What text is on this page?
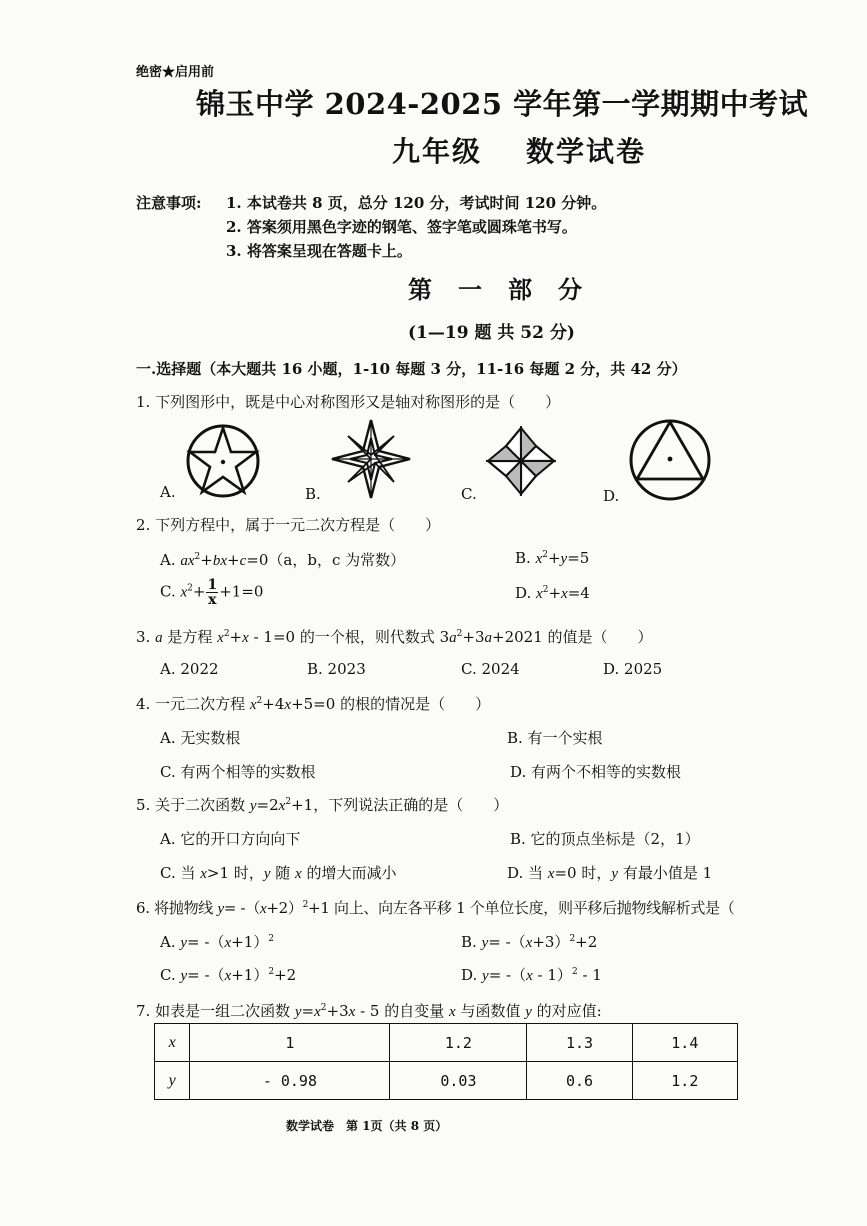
绝密★启用前
锦玉中学 2024-2025 学年第一学期期中考试
九年级 数学试卷
注意事项: 1. 本试卷共 8 页，总分 120 分，考试时间 120 分钟。
2. 答案须用黑色字迹的钢笔、签字笔或圆珠笔书写。
3. 将答案呈现在答题卡上。
第 一 部 分
(1—19 题 共 52 分)
一.选择题（本大题共 16 小题，1-10 每题 3 分，11-16 每题 2 分，共 42 分）
1. 下列图形中，既是中心对称图形又是轴对称图形的是（　　）
A.	B.	C.	D.
2. 下列方程中，属于一元二次方程是（　　）
A. $ax^2+bx+c=0(a$，b，c 为常数）	B. $x^2+y=5$
C. $x^2+ \frac{1}{x} +1=0$	D. $x^2+x=4$
3. a 是方程 $x^2+x - 1=0$ 的一个根，则代数式 $3a^2+3a+2021$ 的值是（　　）
A. 2022	B. 2023	C. 2024	D. 2025
4. 一元二次方程 $x^2+4x+5=0$ 的根的情况是（　　）
A. 无实数根	B. 有一个实根
C. 有两个相等的实数根	D. 有两个不相等的实数根
5. 关于二次函数 $y=2x^2+1$，下列说法正确的是（　　）
A. 它的开口方向向下	B. 它的顶点坐标是（2，1）
C. 当 x>1 时，y 随 x 的增大而减小	D. 当 x=0 时，y 有最小值是 1
6. 将抛物线 $y= -(x+2)^2+1$ 向上、向左各平移 1 个单位长度，则平移后抛物线解析式是（
A. $y= -(x+1)^2$	B. $y= -(x+3)^2+2$
C. $y= -(x+1)^2+2$	D. y= -（x - 1）$^2$ - 1
7. 如表是一组二次函数 $y=x^2+3x - 5$ 的自变量 x 与函数值 y 的对应值:
x	1	1.2	1.3	1.4
y	- 0.98	0.03	0.6	1.2
数学试卷　第 1页（共 8 页）
